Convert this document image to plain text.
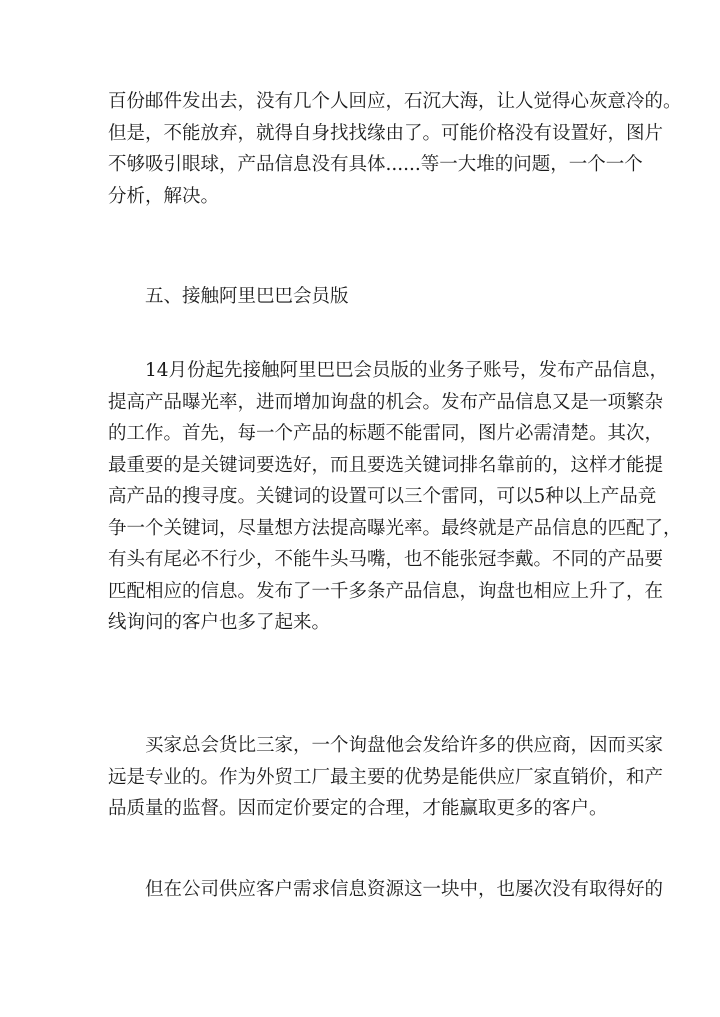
百份邮件发出去，没有几个人回应，石沉大海，让人觉得心灰意冷的。
但是，不能放弃，就得自身找找缘由了。可能价格没有设置好，图片
不够吸引眼球，产品信息没有具体......等一大堆的问题，一个一个
分析，解决。

五、接触阿里巴巴会员版

　　14月份起先接触阿里巴巴会员版的业务子账号，发布产品信息，
提高产品曝光率，进而增加询盘的机会。发布产品信息又是一项繁杂
的工作。首先，每一个产品的标题不能雷同，图片必需清楚。其次，
最重要的是关键词要选好，而且要选关键词排名靠前的，这样才能提
高产品的搜寻度。关键词的设置可以三个雷同，可以5种以上产品竞
争一个关键词，尽量想方法提高曝光率。最终就是产品信息的匹配了，
有头有尾必不行少，不能牛头马嘴，也不能张冠李戴。不同的产品要
匹配相应的信息。发布了一千多条产品信息，询盘也相应上升了，在
线询问的客户也多了起来。

　　买家总会货比三家，一个询盘他会发给许多的供应商，因而买家
远是专业的。作为外贸工厂最主要的优势是能供应厂家直销价，和产
品质量的监督。因而定价要定的合理，才能赢取更多的客户。

　　但在公司供应客户需求信息资源这一块中，也屡次没有取得好的
